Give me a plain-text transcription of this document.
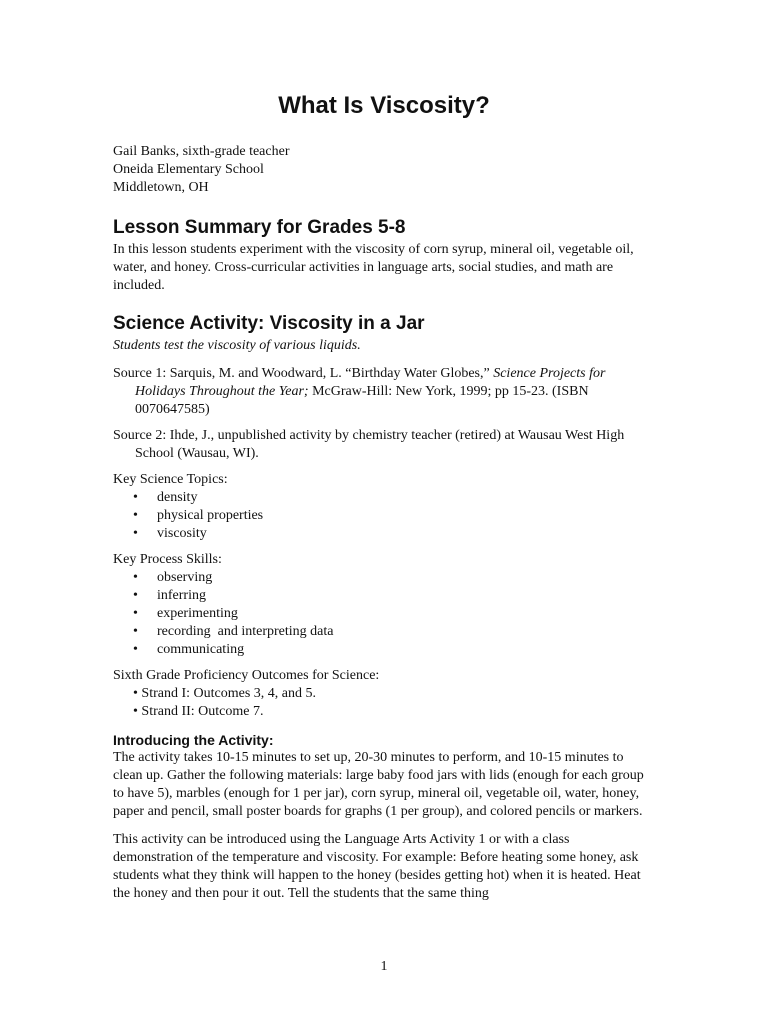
What Is Viscosity?
Gail Banks, sixth-grade teacher
Oneida Elementary School
Middletown, OH
Lesson Summary for Grades 5-8

In this lesson students experiment with the viscosity of corn syrup, mineral oil, vegetable oil, water, and honey. Cross-curricular activities in language arts, social studies, and math are included.

Science Activity: Viscosity in a Jar

Students test the viscosity of various liquids.

Source 1: Sarquis, M. and Woodward, L. “Birthday Water Globes,” Science Projects for Holidays Throughout the Year; McGraw-Hill: New York, 1999; pp 15-23. (ISBN 0070647585)

Source 2: Ihde, J., unpublished activity by chemistry teacher (retired) at Wausau West High School (Wausau, WI).

Key Science Topics:

• density
• physical properties
• viscosity

Key Process Skills:

• observing
• inferring
• experimenting
• recording  and interpreting data
• communicating

Sixth Grade Proficiency Outcomes for Science:

• Strand I: Outcomes 3, 4, and 5.
• Strand II: Outcome 7.
Introducing the Activity:

The activity takes 10-15 minutes to set up, 20-30 minutes to perform, and 10-15 minutes to clean up. Gather the following materials: large baby food jars with lids (enough for each group to have 5), marbles (enough for 1 per jar), corn syrup, mineral oil, vegetable oil, water, honey, paper and pencil, small poster boards for graphs (1 per group), and colored pencils or markers.

This activity can be introduced using the Language Arts Activity 1 or with a class demonstration of the temperature and viscosity. For example: Before heating some honey, ask students what they think will happen to the honey (besides getting hot) when it is heated. Heat the honey and then pour it out. Tell the students that the same thing

1
